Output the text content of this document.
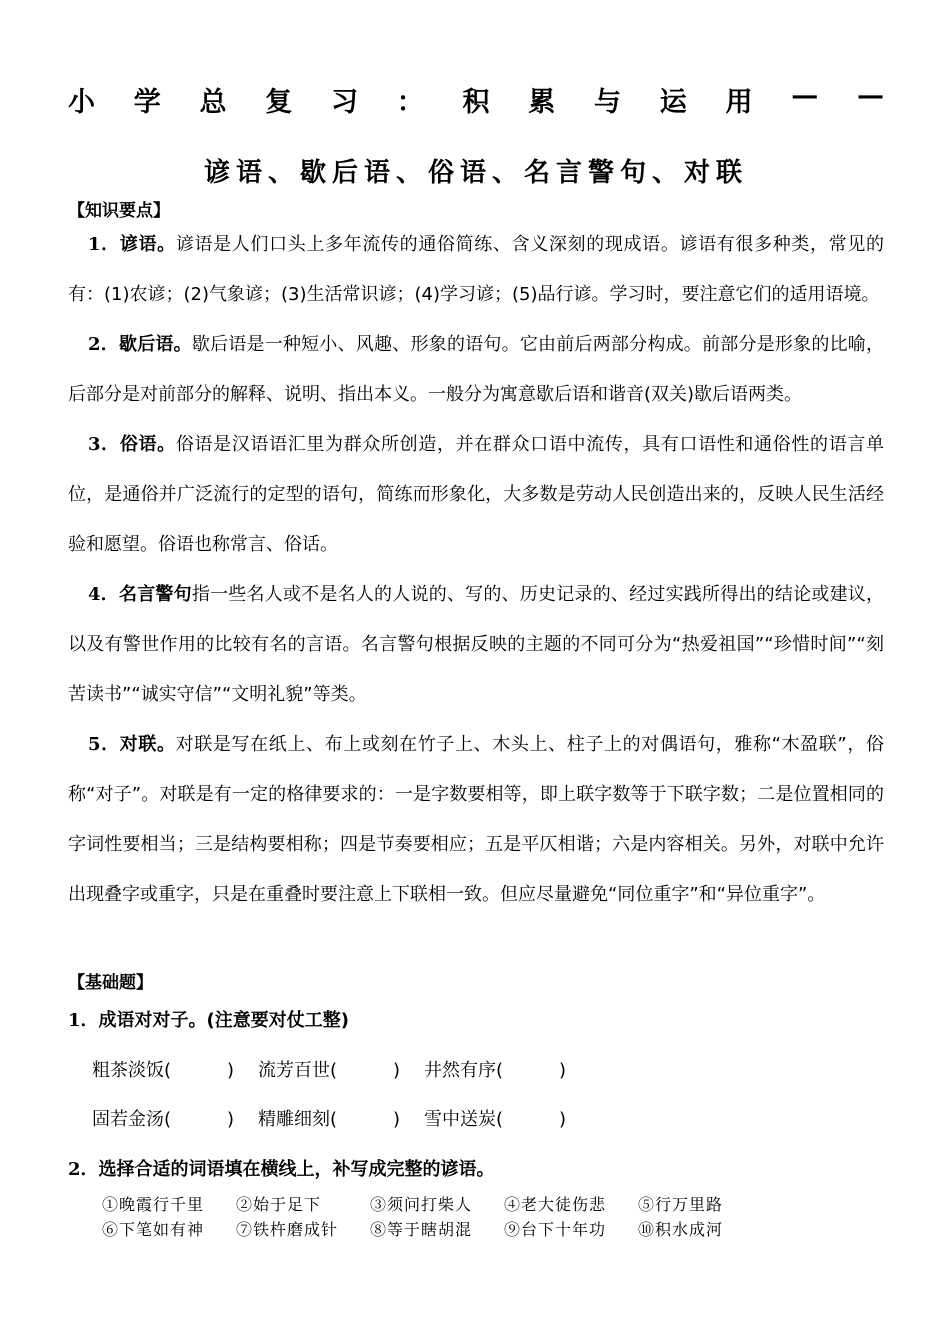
小 学 总 复 习 ： 积 累 与 运 用 — —
谚语、歇后语、俗语、名言警句、对联
【知识要点】
1．谚语。谚语是人们口头上多年流传的通俗简练、含义深刻的现成语。谚语有很多种类，常见的有：(1)农谚；(2)气象谚；(3)生活常识谚；(4)学习谚；(5)品行谚。学习时，要注意它们的适用语境。
2．歇后语。歇后语是一种短小、风趣、形象的语句。它由前后两部分构成。前部分是形象的比喻，后部分是对前部分的解释、说明、指出本义。一般分为寓意歇后语和谐音(双关)歇后语两类。
3．俗语。俗语是汉语语汇里为群众所创造，并在群众口语中流传，具有口语性和通俗性的语言单位，是通俗并广泛流行的定型的语句，简练而形象化，大多数是劳动人民创造出来的，反映人民生活经验和愿望。俗语也称常言、俗话。
4．名言警句指一些名人或不是名人的人说的、写的、历史记录的、经过实践所得出的结论或建议，以及有警世作用的比较有名的言语。名言警句根据反映的主题的不同可分为“热爱祖国”“珍惜时间”“刻苦读书”“诚实守信”“文明礼貌”等类。
5．对联。对联是写在纸上、布上或刻在竹子上、木头上、柱子上的对偶语句，雅称“木盈联”，俗称“对子”。对联是有一定的格律要求的：一是字数要相等，即上联字数等于下联字数；二是位置相同的字词性要相当；三是结构要相称；四是节奏要相应；五是平仄相谐；六是内容相关。另外，对联中允许出现叠字或重字，只是在重叠时要注意上下联相一致。但应尽量避免“同位重字”和“异位重字”。
【基础题】
1．成语对对子。(注意要对仗工整)
粗茶淡饭(	)	流芳百世(	)	井然有序(	)
固若金汤(	)	精雕细刻(	)	雪中送炭(	)
2．选择合适的词语填在横线上，补写成完整的谚语。
①晚霞行千里	②始于足下	③须问打柴人	④老大徒伤悲	⑤行万里路
⑥下笔如有神	⑦铁杵磨成针	⑧等于瞎胡混	⑨台下十年功	⑩积水成河
